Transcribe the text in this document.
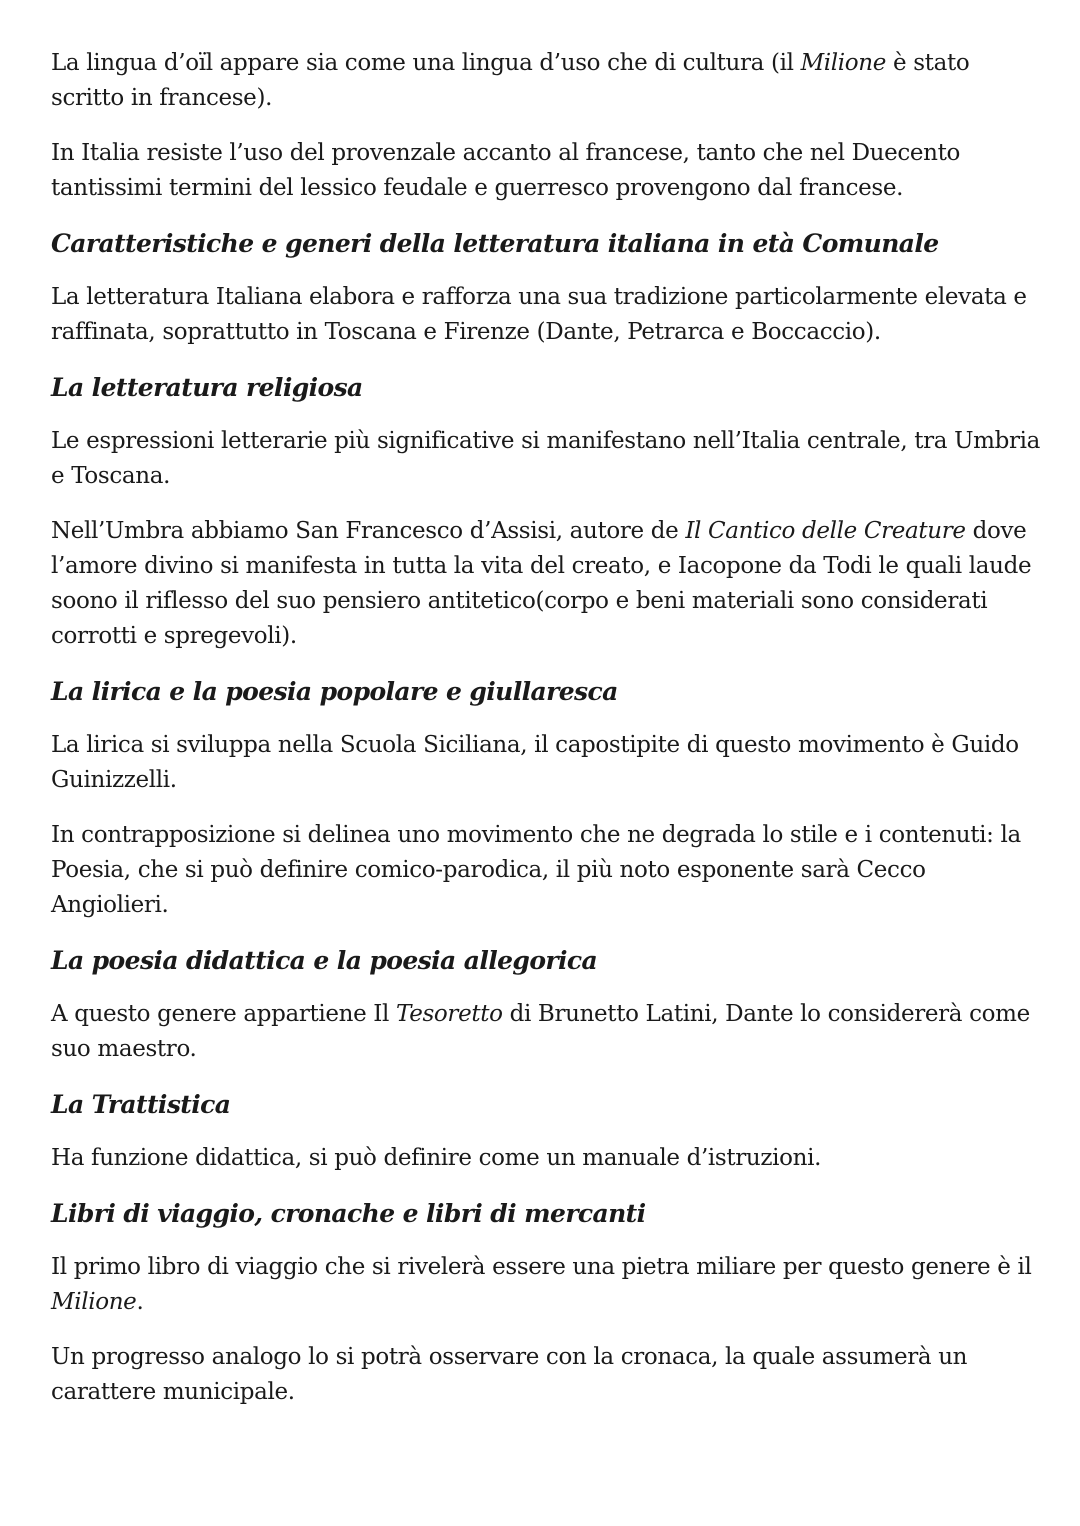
La lingua d’oïl appare sia come una lingua d’uso che di cultura (il Milione è stato scritto in francese).

In Italia resiste l’uso del provenzale accanto al francese, tanto che nel Duecento tantissimi termini del lessico feudale e guerresco provengono dal francese.

Caratteristiche e generi della letteratura italiana in età Comunale

La letteratura Italiana elabora e rafforza una sua tradizione particolarmente elevata e raffinata, soprattutto in Toscana e Firenze (Dante, Petrarca e Boccaccio).

La letteratura religiosa

Le espressioni letterarie più significative si manifestano nell’Italia centrale, tra Umbria e Toscana.

Nell’Umbra abbiamo San Francesco d’Assisi, autore de Il Cantico delle Creature dove l’amore divino si manifesta in tutta la vita del creato, e Iacopone da Todi le quali laude soono il riflesso del suo pensiero antitetico(corpo e beni materiali sono considerati corrotti e spregevoli).

La lirica e la poesia popolare e giullaresca

La lirica si sviluppa nella Scuola Siciliana, il capostipite di questo movimento è Guido Guinizzelli.

In contrapposizione si delinea uno movimento che ne degrada lo stile e i contenuti: la Poesia, che si può definire comico-parodica, il più noto esponente sarà Cecco Angiolieri.

La poesia didattica e la poesia allegorica

A questo genere appartiene Il Tesoretto di Brunetto Latini, Dante lo considererà come suo maestro.

La Trattistica

Ha funzione didattica, si può definire come un manuale d’istruzioni.

Libri di viaggio, cronache e libri di mercanti

Il primo libro di viaggio che si rivelerà essere una pietra miliare per questo genere è il Milione.

Un progresso analogo lo si potrà osservare con la cronaca, la quale assumerà un carattere municipale.
